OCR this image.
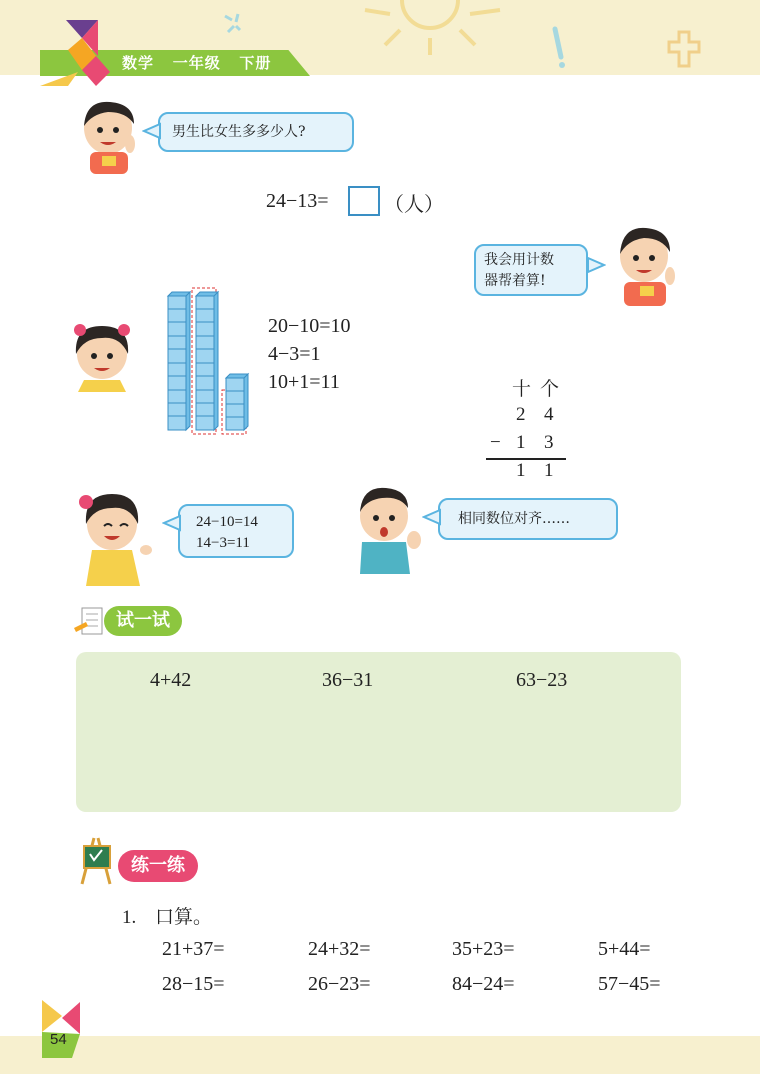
数学 一年级 下册
男生比女生多多少人?
24−13=	（人）
我会用计数
器帮着算!
20−10=10
4−3=1
10+1=11	十 个
2 4
− 1 3
1 1
24−10=14
14−3=11
相同数位对齐……
试一试
4+42	36−31	63−23
练一练
1. 口算。
21+37=	24+32=	35+23=	5+44=
28−15=	26−23=	84−24=	57−45=
54
